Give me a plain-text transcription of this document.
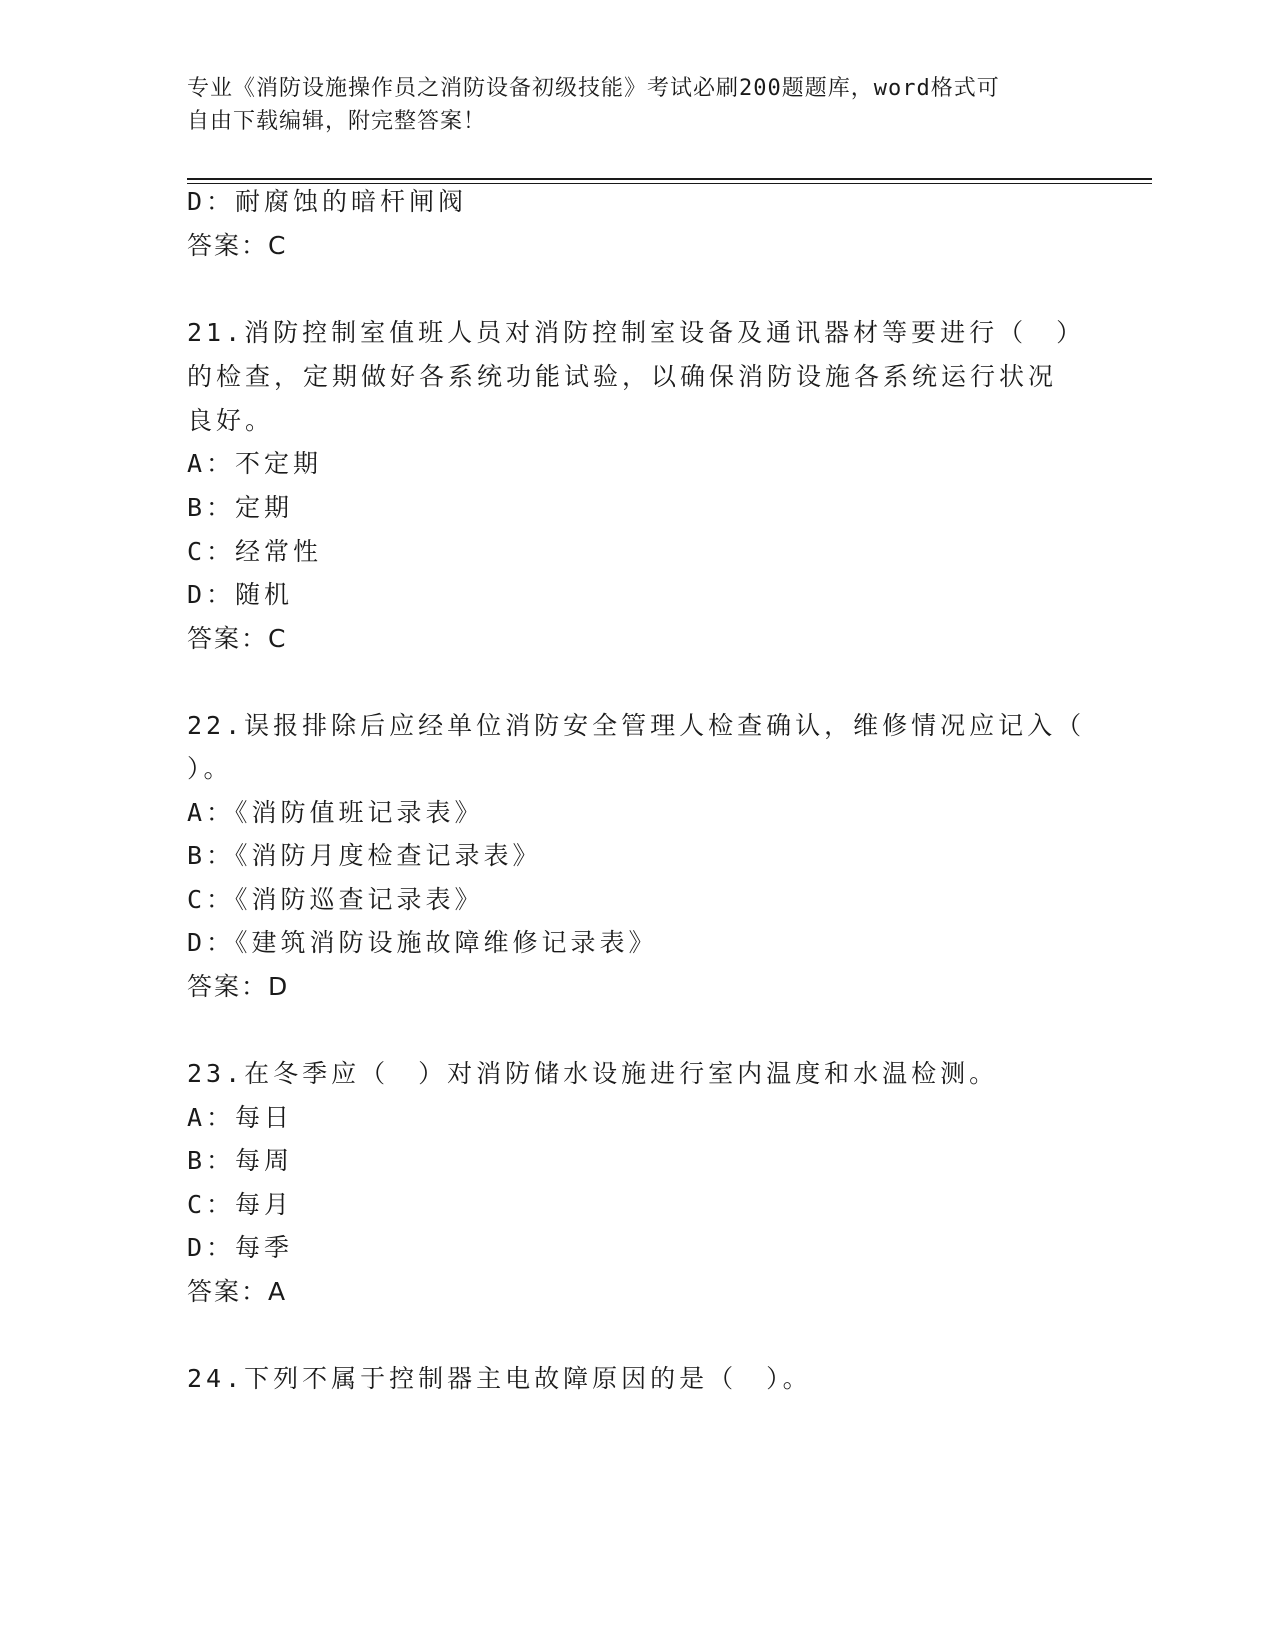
专业《消防设施操作员之消防设备初级技能》考试必刷200题题库，word格式可
自由下载编辑，附完整答案！
D：耐腐蚀的暗杆闸阀
答案：C
21.消防控制室值班人员对消防控制室设备及通讯器材等要进行（　）
的检查，定期做好各系统功能试验，以确保消防设施各系统运行状况
良好。
A：不定期
B：定期
C：经常性
D：随机
答案：C
22.误报排除后应经单位消防安全管理人检查确认，维修情况应记入（
）。
A：《消防值班记录表》
B：《消防月度检查记录表》
C：《消防巡查记录表》
D：《建筑消防设施故障维修记录表》
答案：D
23.在冬季应（　）对消防储水设施进行室内温度和水温检测。
A：每日
B：每周
C：每月
D：每季
答案：A
24.下列不属于控制器主电故障原因的是（　）。
